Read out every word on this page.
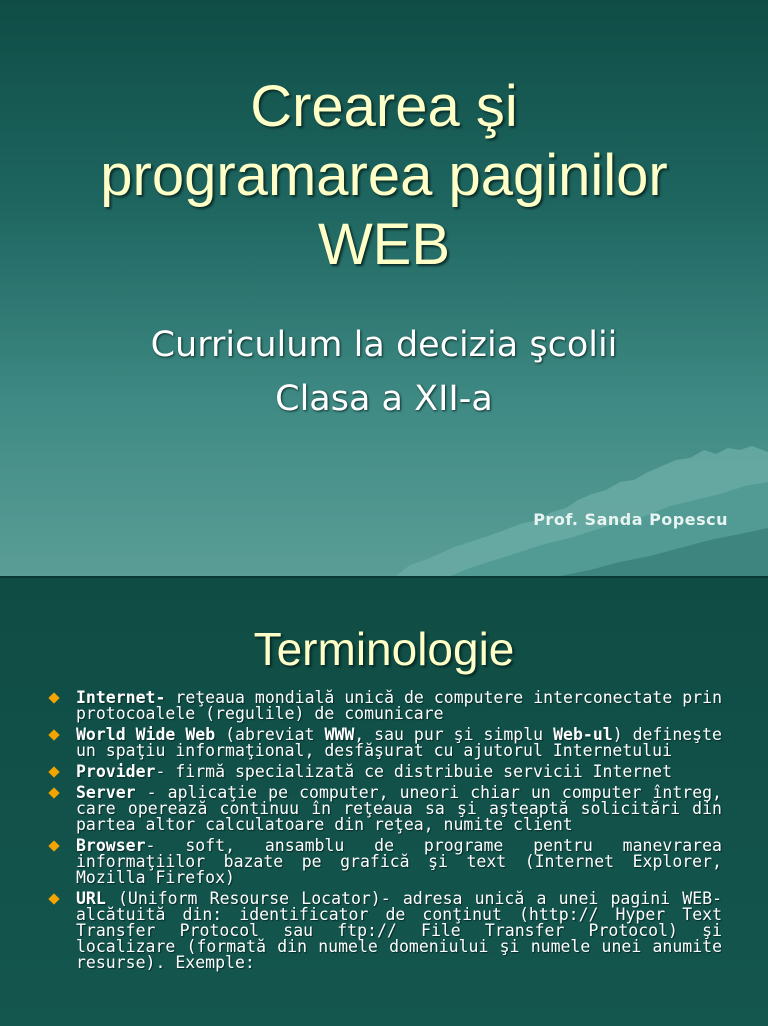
Crearea şi
programarea paginilor
WEB
Curriculum la decizia şcolii
Clasa a XII-a
Prof. Sanda Popescu
Terminologie
Internet- reţeaua mondială unică de computere interconectate prin protocoalele (regulile) de comunicare
World Wide Web (abreviat WWW, sau pur şi simplu Web-ul) defineşte un spaţiu informaţional, desfăşurat cu ajutorul Internetului
Provider- firmă specializată ce distribuie servicii Internet
Server - aplicaţie pe computer, uneori chiar un computer întreg, care operează continuu în reţeaua sa şi aşteaptă solicitări din partea altor calculatoare din reţea, numite client
Browser- soft, ansamblu de programe pentru manevrarea informaţiilor bazate pe grafică şi text (Internet Explorer, Mozilla Firefox)
URL (Uniform Resourse Locator)- adresa unică a unei pagini WEB- alcătuită din: identificator de conţinut (http:// Hyper Text Transfer Protocol sau ftp:// File Transfer Protocol) şi localizare (formată din numele domeniului şi numele unei anumite resurse). Exemple:
